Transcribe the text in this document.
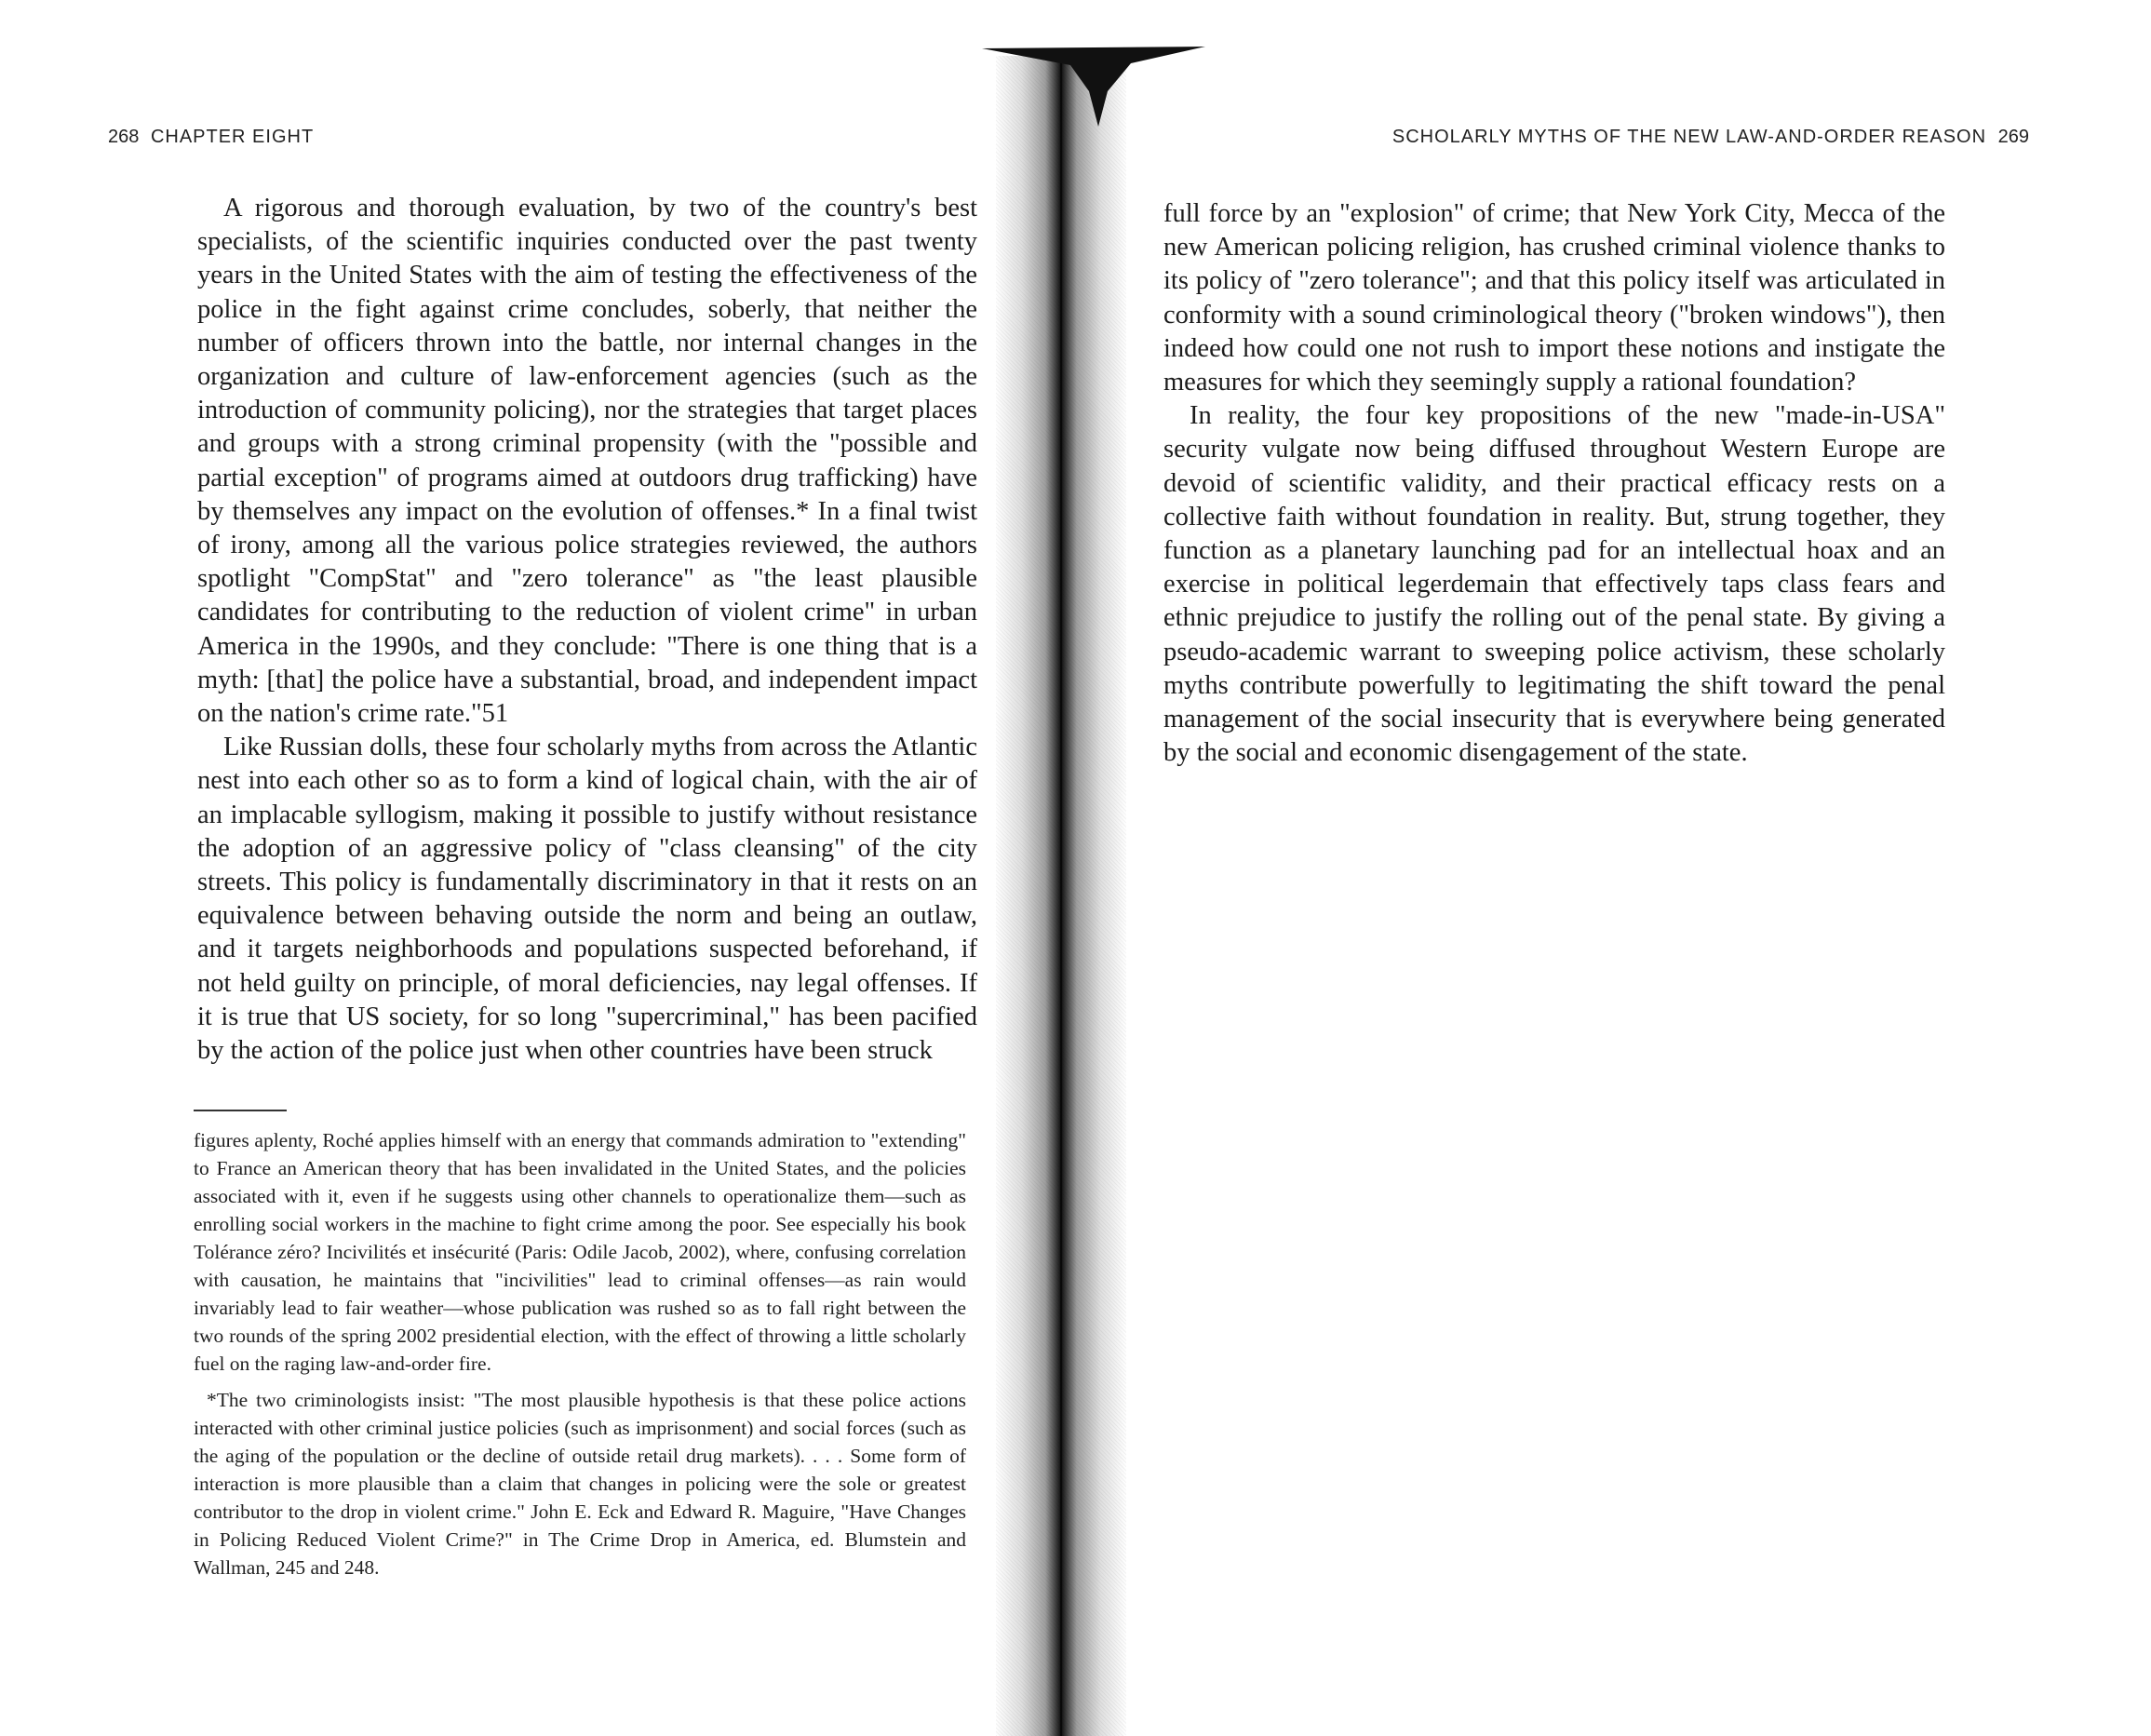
268 CHAPTER EIGHT

A rigorous and thorough evaluation, by two of the country's best specialists, of the scientific inquiries conducted over the past twenty years in the United States with the aim of testing the effectiveness of the police in the fight against crime concludes, soberly, that neither the number of officers thrown into the battle, nor internal changes in the organization and culture of law-enforcement agencies (such as the introduction of community policing), nor the strategies that target places and groups with a strong criminal propensity (with the "possible and partial exception" of programs aimed at outdoors drug trafficking) have by themselves any impact on the evolution of offenses.* In a final twist of irony, among all the various police strategies reviewed, the authors spotlight "CompStat" and "zero tolerance" as "the least plausible candidates for contributing to the reduction of violent crime" in urban America in the 1990s, and they conclude: "There is one thing that is a myth: [that] the police have a substantial, broad, and independent impact on the nation's crime rate."51

Like Russian dolls, these four scholarly myths from across the Atlantic nest into each other so as to form a kind of logical chain, with the air of an implacable syllogism, making it possible to justify without resistance the adoption of an aggressive policy of "class cleansing" of the city streets. This policy is fundamentally discriminatory in that it rests on an equivalence between behaving outside the norm and being an outlaw, and it targets neighborhoods and populations suspected beforehand, if not held guilty on principle, of moral deficiencies, nay legal offenses. If it is true that US society, for so long "supercriminal," has been pacified by the action of the police just when other countries have been struck

figures aplenty, Roché applies himself with an energy that commands admiration to "extending" to France an American theory that has been invalidated in the United States, and the policies associated with it, even if he suggests using other channels to operationalize them—such as enrolling social workers in the machine to fight crime among the poor. See especially his book Tolérance zéro? Incivilités et insécurité (Paris: Odile Jacob, 2002), where, confusing correlation with causation, he maintains that "incivilities" lead to criminal offenses—as rain would invariably lead to fair weather—whose publication was rushed so as to fall right between the two rounds of the spring 2002 presidential election, with the effect of throwing a little scholarly fuel on the raging law-and-order fire.

*The two criminologists insist: "The most plausible hypothesis is that these police actions interacted with other criminal justice policies (such as imprisonment) and social forces (such as the aging of the population or the decline of outside retail drug markets). . . . Some form of interaction is more plausible than a claim that changes in policing were the sole or greatest contributor to the drop in violent crime." John E. Eck and Edward R. Maguire, "Have Changes in Policing Reduced Violent Crime?" in The Crime Drop in America, ed. Blumstein and Wallman, 245 and 248.

SCHOLARLY MYTHS OF THE NEW LAW-AND-ORDER REASON 269

full force by an "explosion" of crime; that New York City, Mecca of the new American policing religion, has crushed criminal violence thanks to its policy of "zero tolerance"; and that this policy itself was articulated in conformity with a sound criminological theory ("broken windows"), then indeed how could one not rush to import these notions and instigate the measures for which they seemingly supply a rational foundation?

In reality, the four key propositions of the new "made-in-USA" security vulgate now being diffused throughout Western Europe are devoid of scientific validity, and their practical efficacy rests on a collective faith without foundation in reality. But, strung together, they function as a planetary launching pad for an intellectual hoax and an exercise in political legerdemain that effectively taps class fears and ethnic prejudice to justify the rolling out of the penal state. By giving a pseudo-academic warrant to sweeping police activism, these scholarly myths contribute powerfully to legitimating the shift toward the penal management of the social insecurity that is everywhere being generated by the social and economic disengagement of the state.
